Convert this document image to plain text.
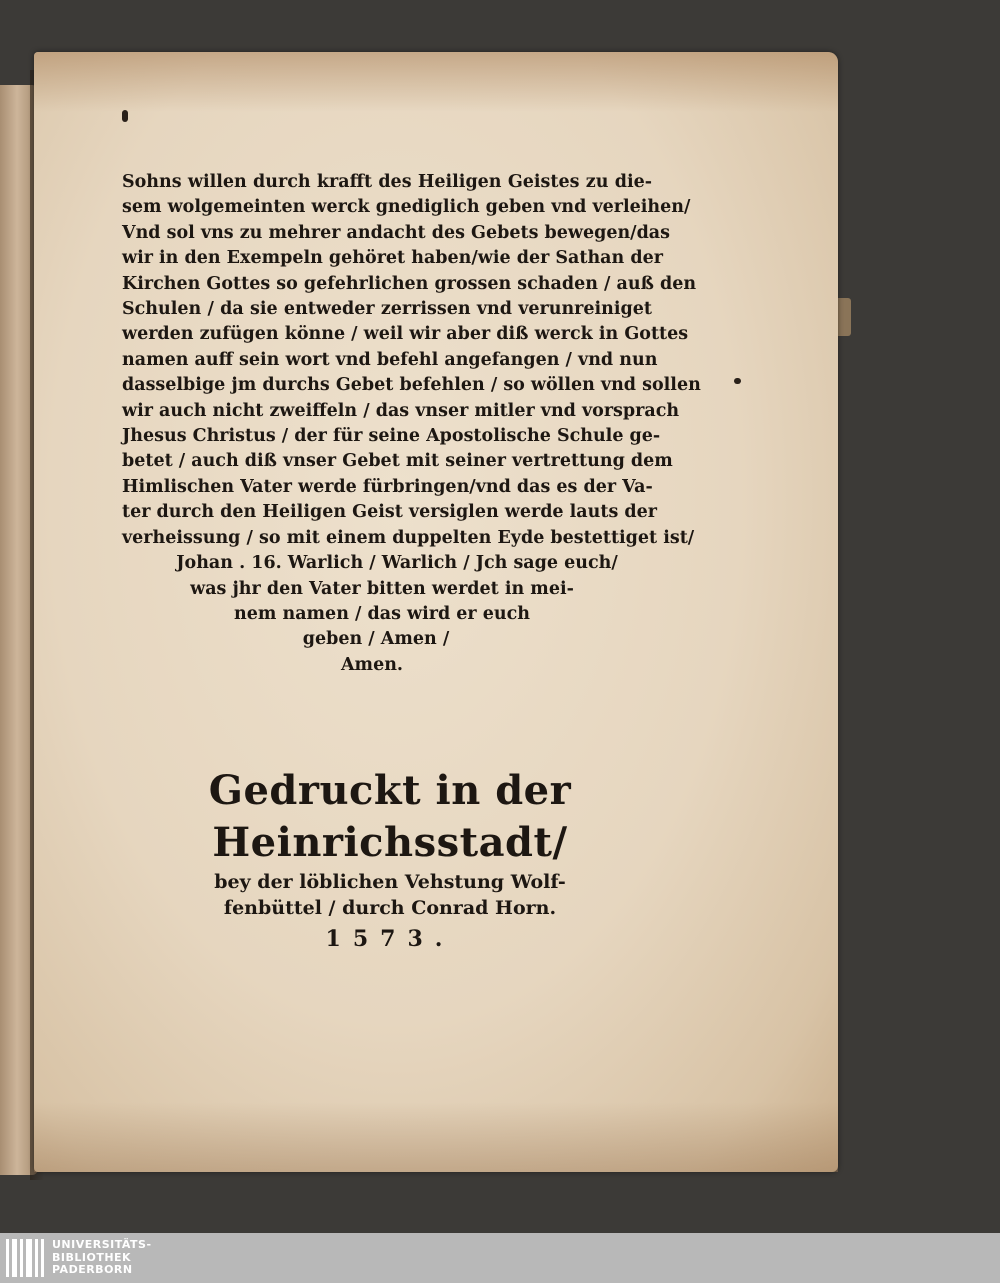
Sohns willen durch krafft des Heiligen Geistes zu die-
sem wolgemeinten werck gnediglich geben vnd verleihen/
Vnd sol vns zu mehrer andacht des Gebets bewegen/das
wir in den Exempeln gehöret haben/wie der Sathan der
Kirchen Gottes so gefehrlichen grossen schaden / auß den
Schulen / da sie entweder zerrissen vnd verunreiniget
werden zufügen könne / weil wir aber diß werck in Gottes
namen auff sein wort vnd befehl angefangen / vnd nun
dasselbige jm durchs Gebet befehlen / so wöllen vnd sollen
wir auch nicht zweiffeln / das vnser mitler vnd vorsprach
Jhesus Christus / der für seine Apostolische Schule ge-
betet / auch diß vnser Gebet mit seiner vertrettung dem
Himlischen Vater werde fürbringen/vnd das es der Va-
ter durch den Heiligen Geist versiglen werde lauts der
verheissung / so mit einem duppelten Eyde bestettiget ist/
Johan . 16. Warlich / Warlich / Jch sage euch/
was jhr den Vater bitten werdet in mei-
nem namen / das wird er euch
geben / Amen /
Amen.
Gedruckt in der Heinrichsstadt/
bey der löblichen Vehstung Wolf-
fenbüttel / durch Conrad Horn.
1573.
UNIVERSITÄTS-
BIBLIOTHEK
PADERBORN
